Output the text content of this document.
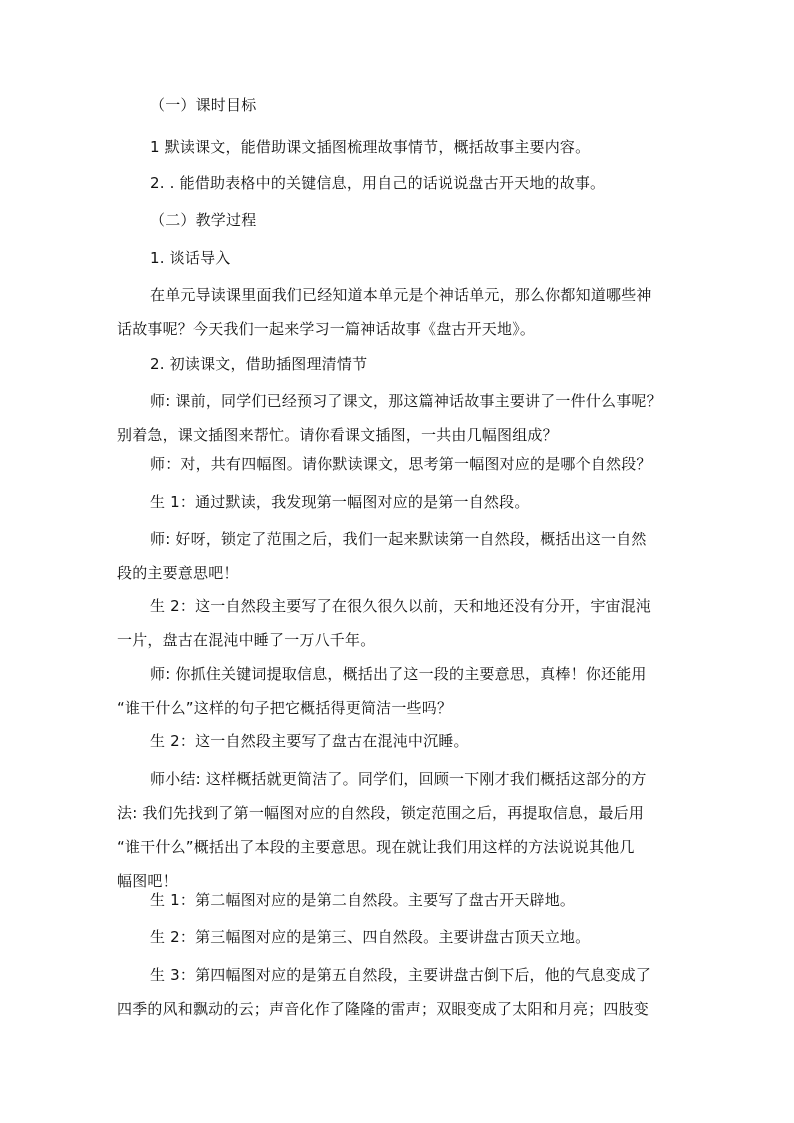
（一）课时目标

1 默读课文，能借助课文插图梳理故事情节，概括故事主要内容。

2. . 能借助表格中的关键信息，用自己的话说说盘古开天地的故事。

（二）教学过程

1. 谈话导入

在单元导读课里面我们已经知道本单元是个神话单元，那么你都知道哪些神

话故事呢？今天我们一起来学习一篇神话故事《盘古开天地》。

2. 初读课文，借助插图理清情节

师: 课前，同学们已经预习了课文，那这篇神话故事主要讲了一件什么事呢？

别着急，课文插图来帮忙。请你看课文插图，一共由几幅图组成？

师：对，共有四幅图。请你默读课文，思考第一幅图对应的是哪个自然段？

生 1：通过默读，我发现第一幅图对应的是第一自然段。

师: 好呀，锁定了范围之后，我们一起来默读第一自然段，概括出这一自然

段的主要意思吧！

生 2：这一自然段主要写了在很久很久以前，天和地还没有分开，宇宙混沌

一片，盘古在混沌中睡了一万八千年。

师: 你抓住关键词提取信息，概括出了这一段的主要意思，真棒！你还能用

“谁干什么”这样的句子把它概括得更简洁一些吗？

生 2：这一自然段主要写了盘古在混沌中沉睡。

师小结: 这样概括就更简洁了。同学们，回顾一下刚才我们概括这部分的方

法: 我们先找到了第一幅图对应的自然段，锁定范围之后，再提取信息，最后用

“谁干什么”概括出了本段的主要意思。现在就让我们用这样的方法说说其他几

幅图吧！

生 1：第二幅图对应的是第二自然段。主要写了盘古开天辟地。

生 2：第三幅图对应的是第三、四自然段。主要讲盘古顶天立地。

生 3：第四幅图对应的是第五自然段，主要讲盘古倒下后，他的气息变成了

四季的风和飘动的云；声音化作了隆隆的雷声；双眼变成了太阳和月亮；四肢变
